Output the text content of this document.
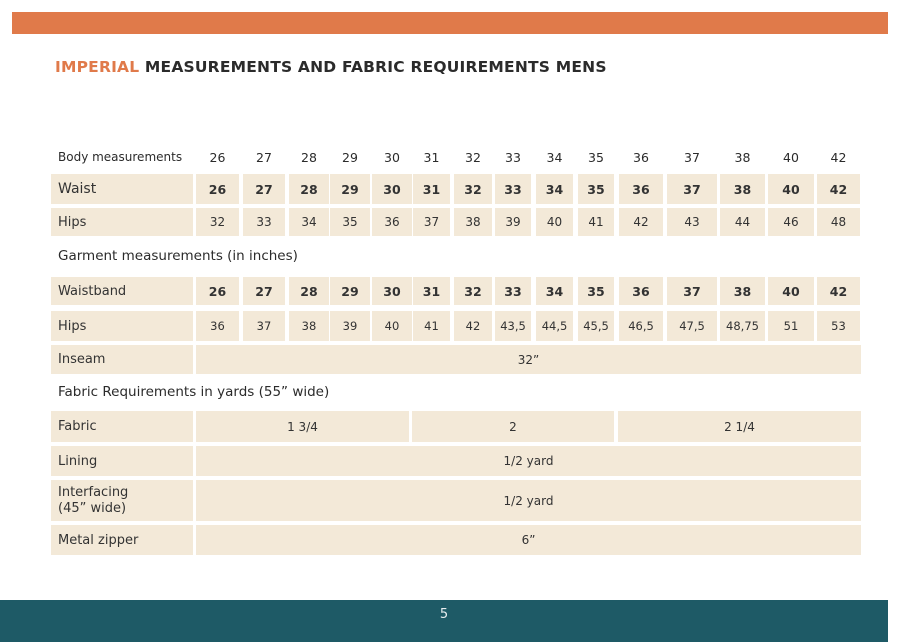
IMPERIAL MEASUREMENTS AND FABRIC REQUIREMENTS MENS
Body measurements	26	27	28	29	30	31	32	33	34	35	36	37	38	40	42
Waist	26	27	28	29	30	31	32	33	34	35	36	37	38	40	42
Hips	32	33	34	35	36	37	38	39	40	41	42	43	44	46	48
Garment measurements (in inches)
Waistband	26	27	28	29	30	31	32	33	34	35	36	37	38	40	42
Hips	36	37	38	39	40	41	42	43,5	44,5	45,5	46,5	47,5	48,75	51	53
Inseam	32”
Fabric Requirements in yards (55” wide)
Fabric	1 3/4	2	2 1/4
Lining	1/2 yard
Interfacing
(45” wide)	1/2 yard
Metal zipper	6”
5
